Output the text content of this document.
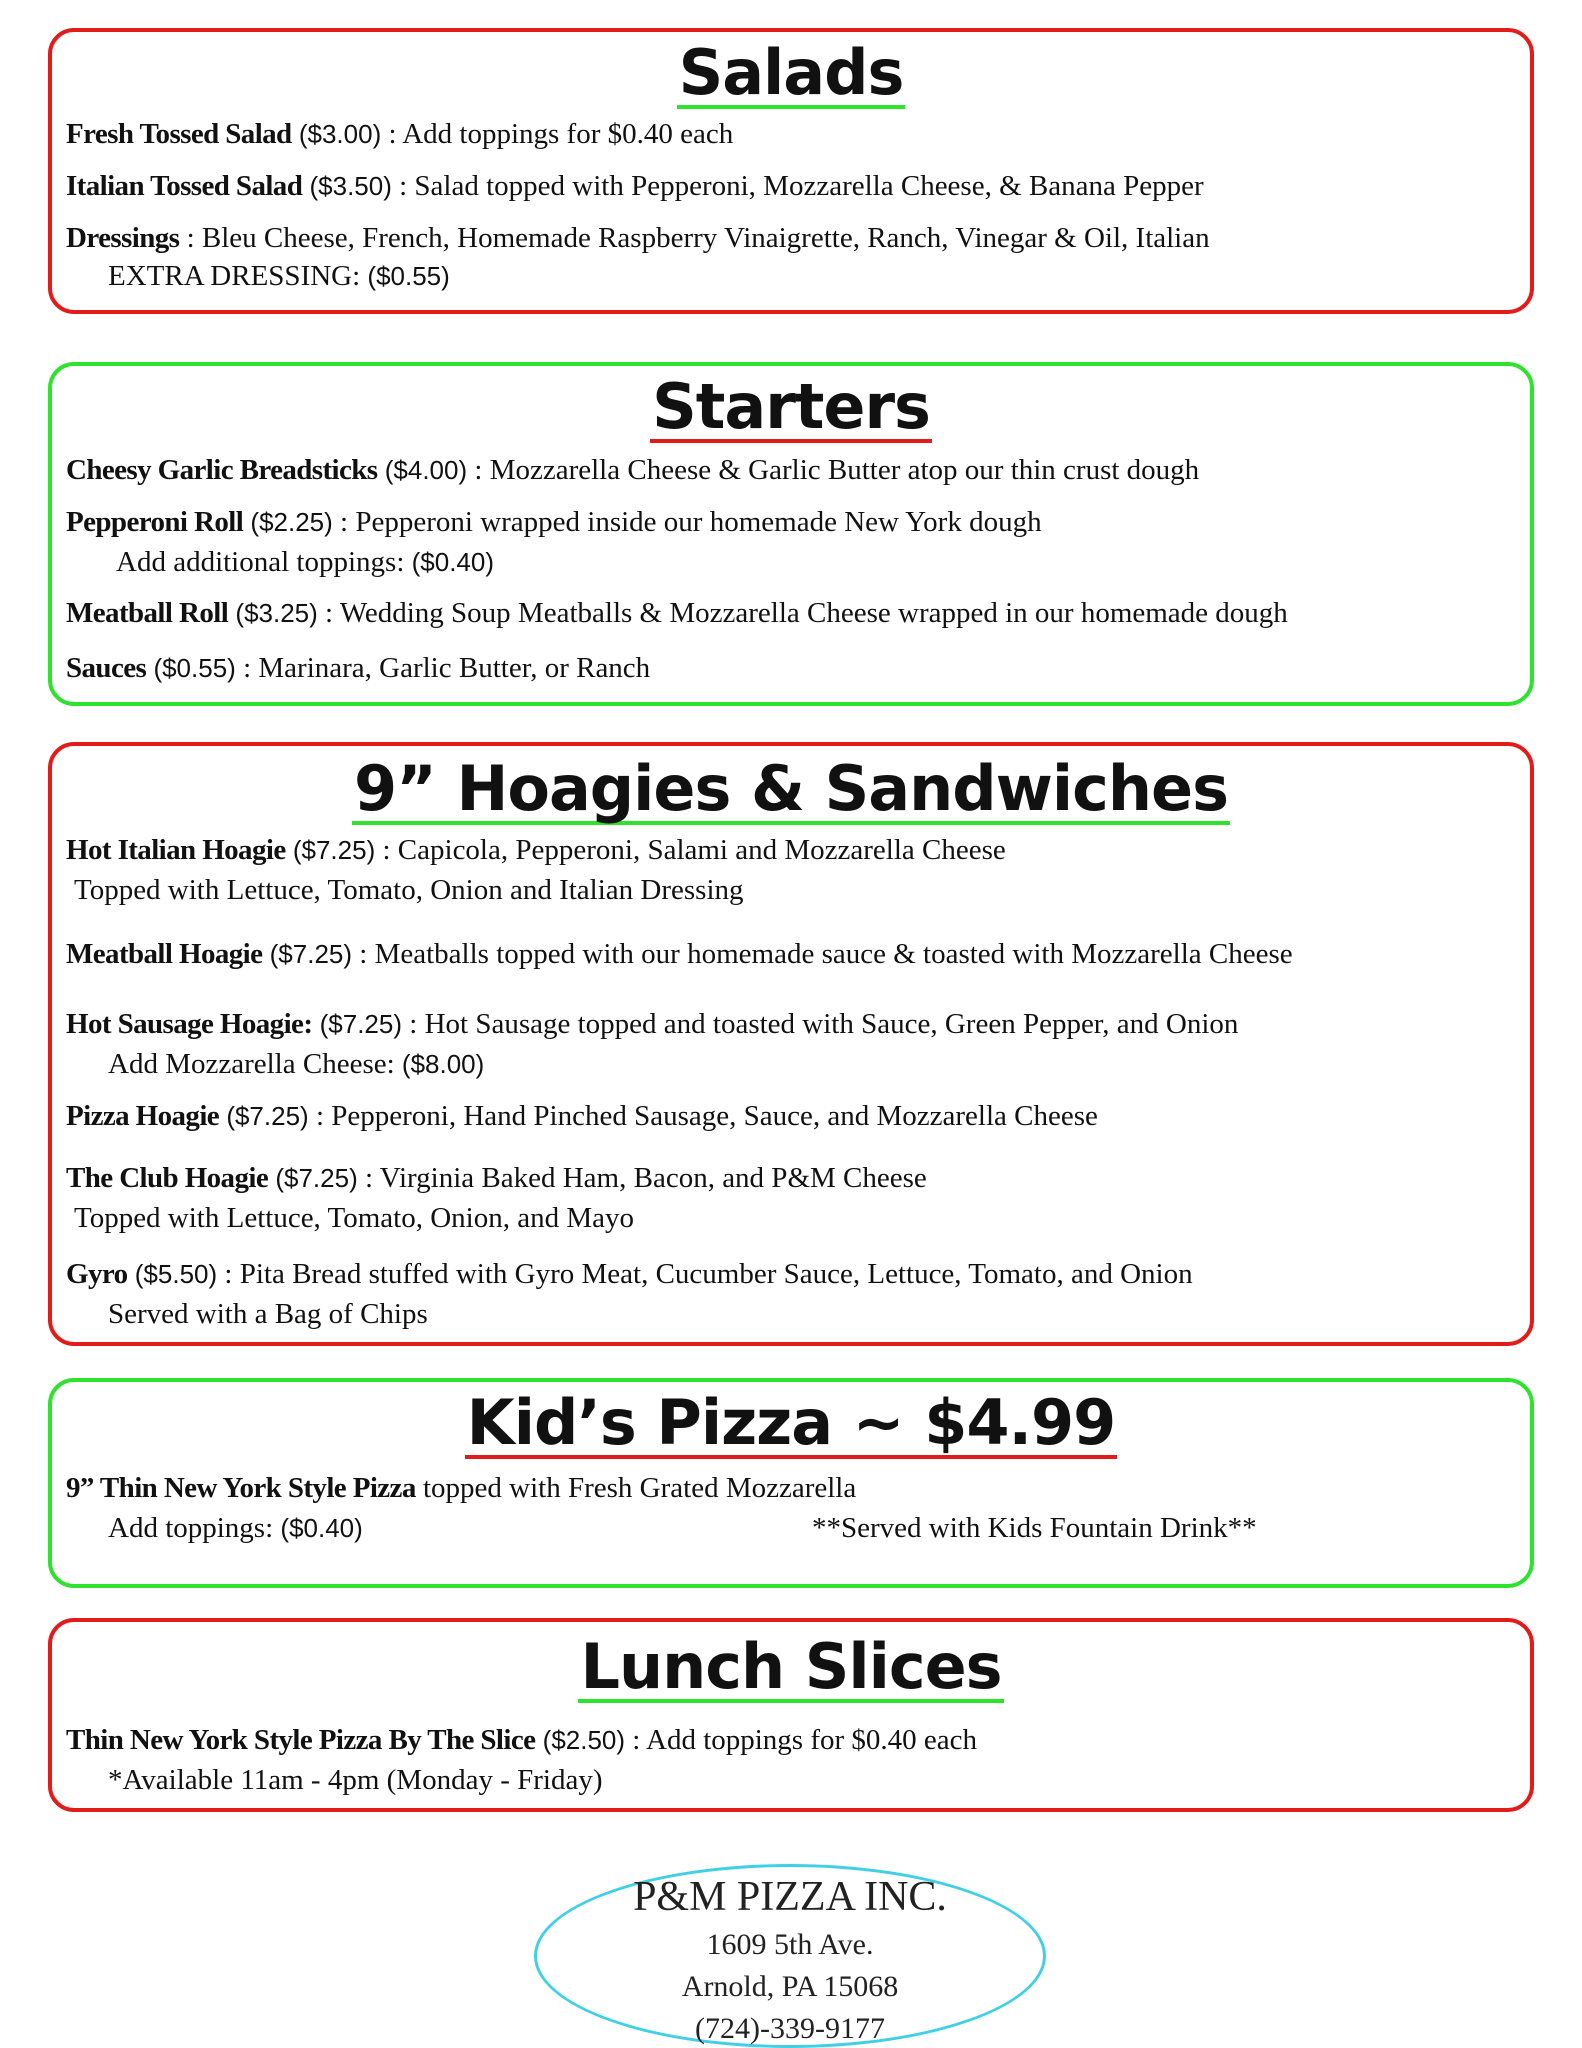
Salads
Fresh Tossed Salad ($3.00) : Add toppings for $0.40 each
Italian Tossed Salad ($3.50) : Salad topped with Pepperoni, Mozzarella Cheese, & Banana Pepper
Dressings : Bleu Cheese, French, Homemade Raspberry Vinaigrette, Ranch, Vinegar & Oil, Italian
EXTRA DRESSING: ($0.55)
Starters
Cheesy Garlic Breadsticks ($4.00) : Mozzarella Cheese & Garlic Butter atop our thin crust dough
Pepperoni Roll ($2.25) : Pepperoni wrapped inside our homemade New York dough
Add additional toppings: ($0.40)
Meatball Roll ($3.25) : Wedding Soup Meatballs & Mozzarella Cheese wrapped in our homemade dough
Sauces ($0.55) : Marinara, Garlic Butter, or Ranch
9” Hoagies & Sandwiches
Hot Italian Hoagie ($7.25) : Capicola, Pepperoni, Salami and Mozzarella Cheese
Topped with Lettuce, Tomato, Onion and Italian Dressing
Meatball Hoagie ($7.25) : Meatballs topped with our homemade sauce & toasted with Mozzarella Cheese
Hot Sausage Hoagie: ($7.25) : Hot Sausage topped and toasted with Sauce, Green Pepper, and Onion
Add Mozzarella Cheese: ($8.00)
Pizza Hoagie ($7.25) : Pepperoni, Hand Pinched Sausage, Sauce, and Mozzarella Cheese
The Club Hoagie ($7.25) : Virginia Baked Ham, Bacon, and P&M Cheese
Topped with Lettuce, Tomato, Onion, and Mayo
Gyro ($5.50) : Pita Bread stuffed with Gyro Meat, Cucumber Sauce, Lettuce, Tomato, and Onion
Served with a Bag of Chips
Kid’s Pizza ~ $4.99
9” Thin New York Style Pizza topped with Fresh Grated Mozzarella
Add toppings: ($0.40)	**Served with Kids Fountain Drink**
Lunch Slices
Thin New York Style Pizza By The Slice ($2.50) : Add toppings for $0.40 each
*Available 11am - 4pm (Monday - Friday)
P&M PIZZA INC.
1609 5th Ave.
Arnold, PA 15068
(724)-339-9177
